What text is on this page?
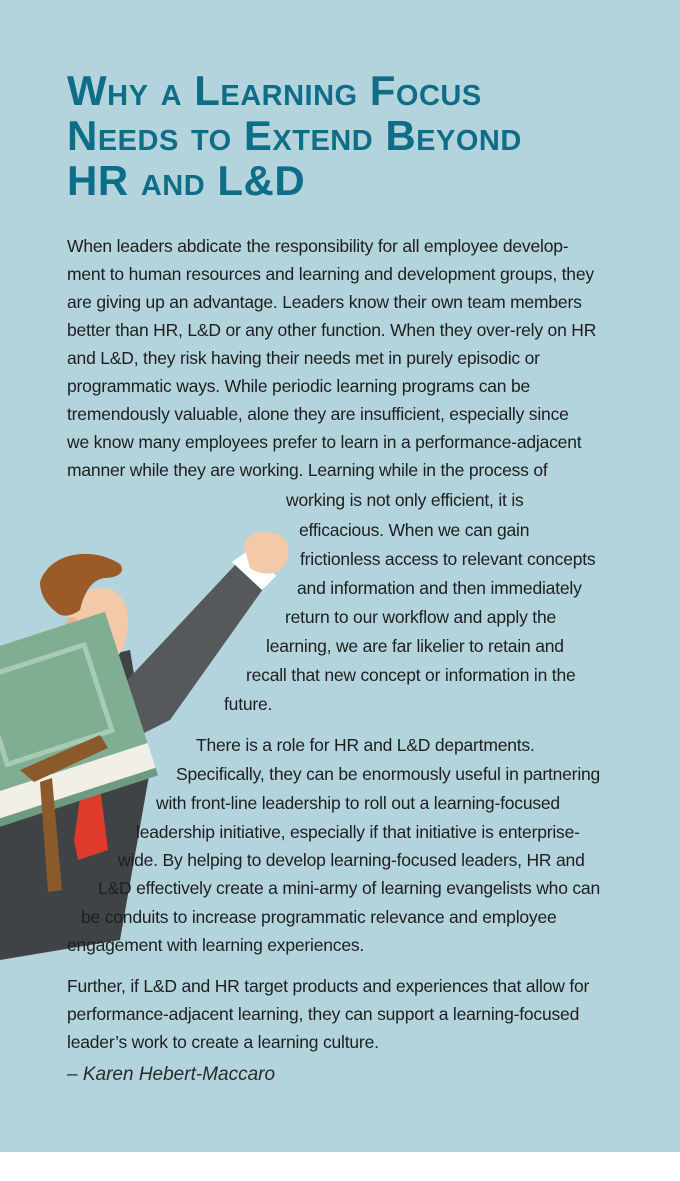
Why a Learning Focus
Needs to Extend Beyond
HR and L&D
When leaders abdicate the responsibility for all employee develop-
ment to human resources and learning and development groups, they
are giving up an advantage. Leaders know their own team members
better than HR, L&D or any other function. When they over-rely on HR
and L&D, they risk having their needs met in purely episodic or
programmatic ways. While periodic learning programs can be
tremendously valuable, alone they are insufficient, especially since
we know many employees prefer to learn in a performance-adjacent
manner while they are working. Learning while in the process of
working is not only efficient, it is
efficacious. When we can gain
frictionless access to relevant concepts
and information and then immediately
return to our workflow and apply the
learning, we are far likelier to retain and
recall that new concept or information in the
future.
There is a role for HR and L&D departments.
Specifically, they can be enormously useful in partnering
with front-line leadership to roll out a learning-focused
leadership initiative, especially if that initiative is enterprise-
wide. By helping to develop learning-focused leaders, HR and
L&D effectively create a mini-army of learning evangelists who can
be conduits to increase programmatic relevance and employee
engagement with learning experiences.
Further, if L&D and HR target products and experiences that allow for
performance-adjacent learning, they can support a learning-focused
leader’s work to create a learning culture.
– Karen Hebert-Maccaro
